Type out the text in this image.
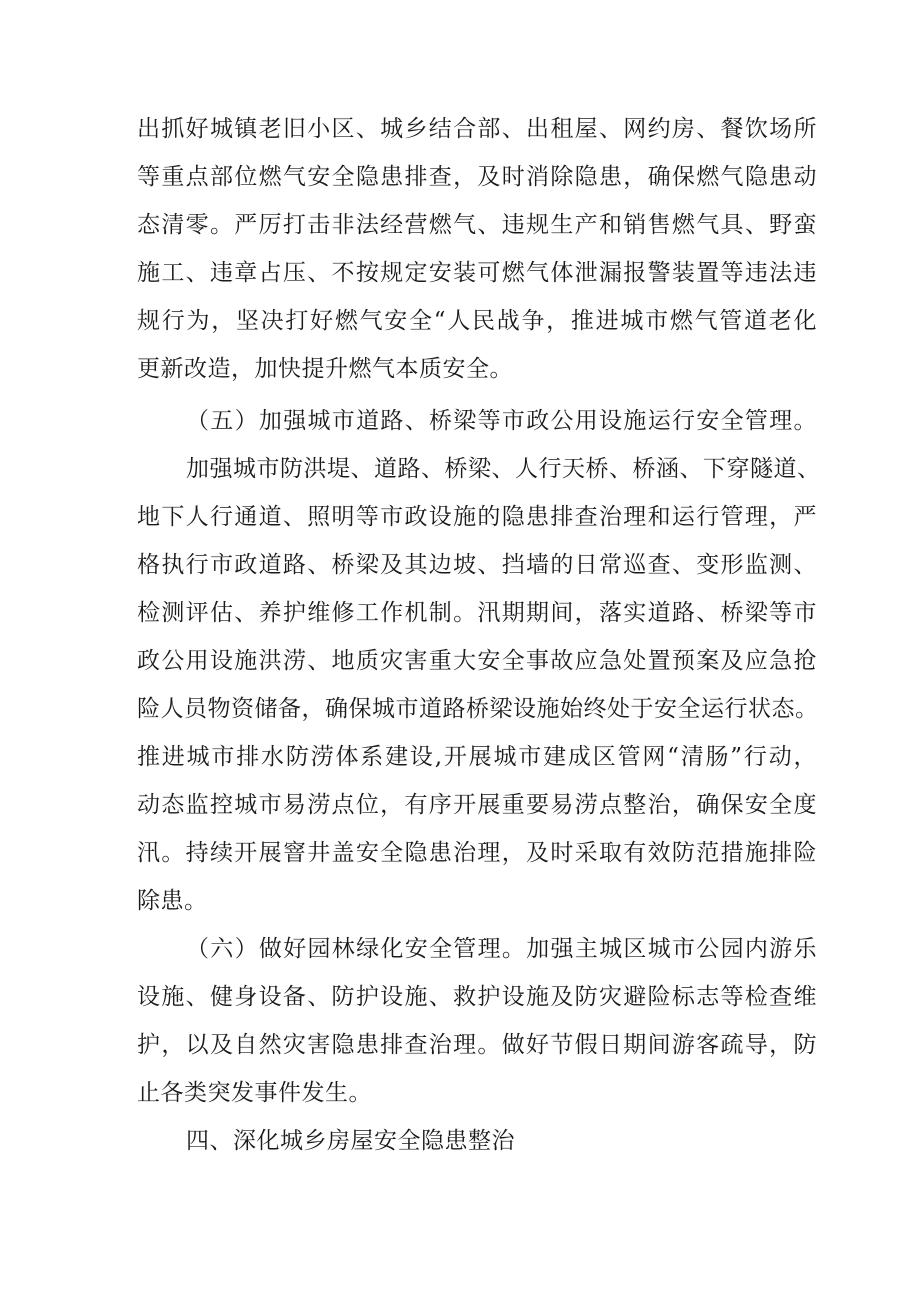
出抓好城镇老旧小区、城乡结合部、出租屋、网约房、餐饮场所
等重点部位燃气安全隐患排查，及时消除隐患，确保燃气隐患动
态清零。严厉打击非法经营燃气、违规生产和销售燃气具、野蛮
施工、违章占压、不按规定安装可燃气体泄漏报警装置等违法违
规行为，坚决打好燃气安全“人民战争，推进城市燃气管道老化
更新改造，加快提升燃气本质安全。
（五）加强城市道路、桥梁等市政公用设施运行安全管理。
加强城市防洪堤、道路、桥梁、人行天桥、桥涵、下穿隧道、
地下人行通道、照明等市政设施的隐患排查治理和运行管理，严
格执行市政道路、桥梁及其边坡、挡墙的日常巡查、变形监测、
检测评估、养护维修工作机制。汛期期间，落实道路、桥梁等市
政公用设施洪涝、地质灾害重大安全事故应急处置预案及应急抢
险人员物资储备，确保城市道路桥梁设施始终处于安全运行状态。
推进城市排水防涝体系建设,开展城市建成区管网“清肠”行动，
动态监控城市易涝点位，有序开展重要易涝点整治，确保安全度
汛。持续开展窨井盖安全隐患治理，及时采取有效防范措施排险
除患。
（六）做好园林绿化安全管理。加强主城区城市公园内游乐
设施、健身设备、防护设施、救护设施及防灾避险标志等检查维
护，以及自然灾害隐患排查治理。做好节假日期间游客疏导，防
止各类突发事件发生。
四、深化城乡房屋安全隐患整治
